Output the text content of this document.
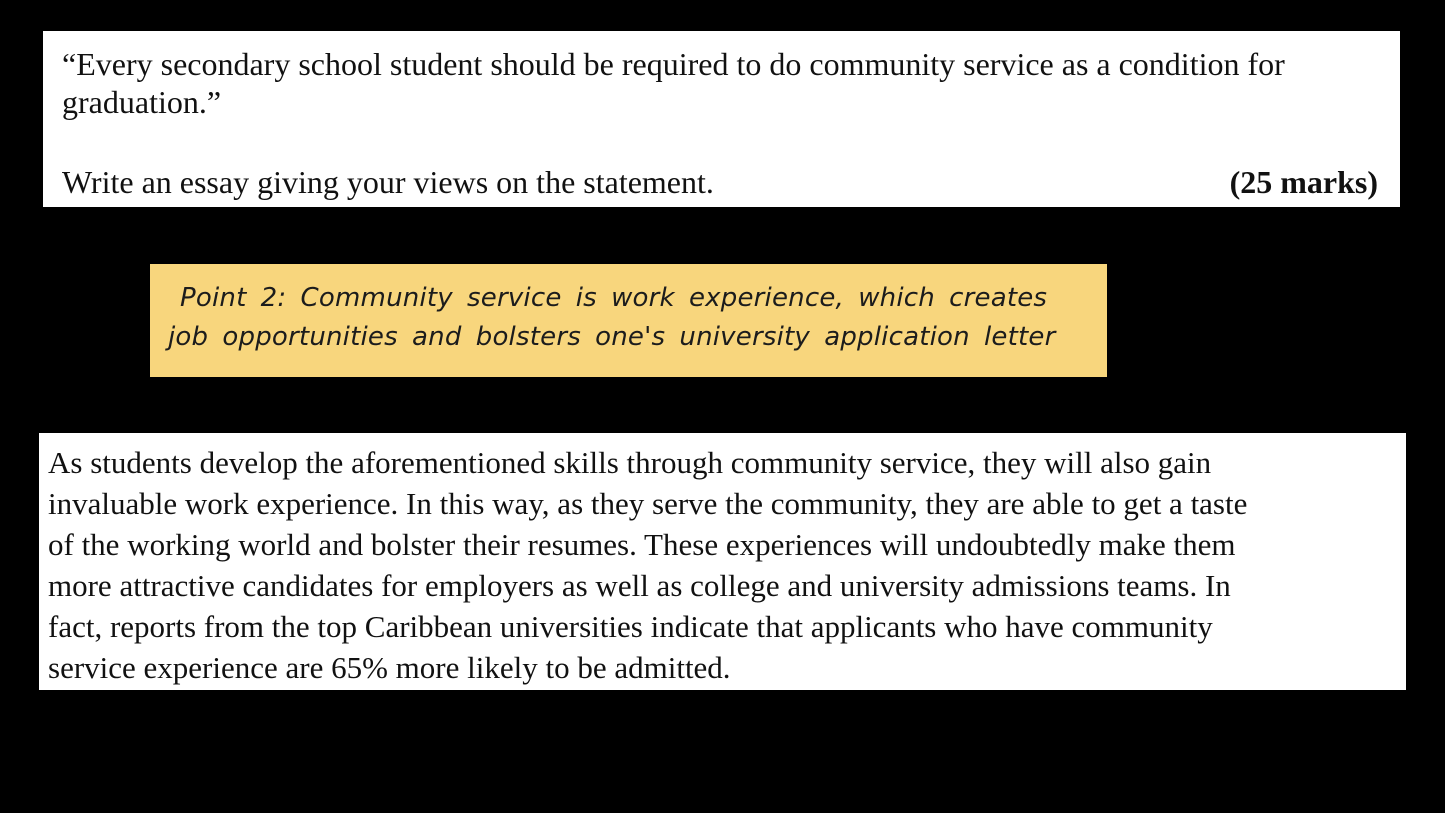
“Every secondary school student should be required to do community service as a condition for
graduation.”
Write an essay giving your views on the statement.	(25 marks)
Point 2: Community service is work experience, which creates
job opportunities and bolsters one's university application letter
As students develop the aforementioned skills through community service, they will also gain
invaluable work experience. In this way, as they serve the community, they are able to get a taste
of the working world and bolster their resumes. These experiences will undoubtedly make them
more attractive candidates for employers as well as college and university admissions teams. In
fact, reports from the top Caribbean universities indicate that applicants who have community
service experience are 65% more likely to be admitted.
